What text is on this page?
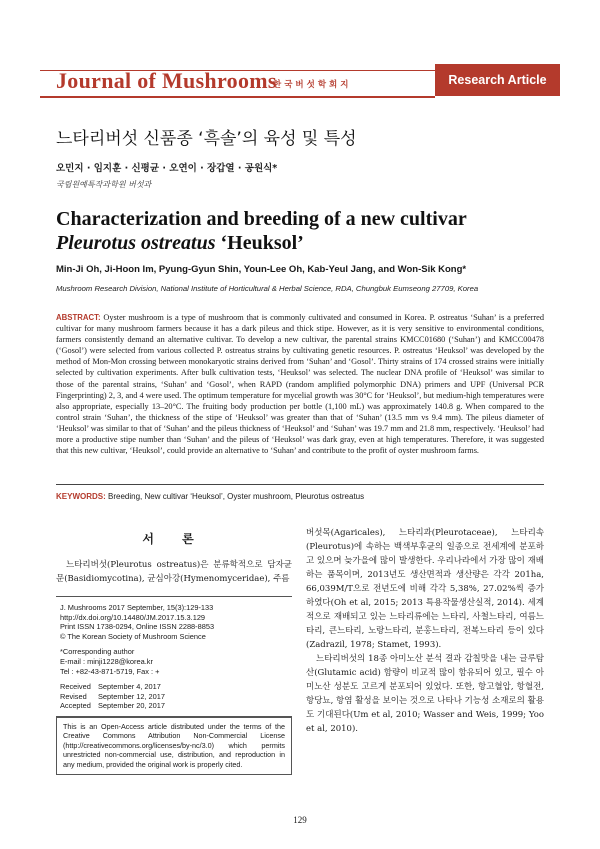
Journal of Mushrooms
한국버섯학회지	Research Article
느타리버섯 신품종 ‘흑솔’의 육성 및 특성
오민지 · 임지훈 · 신평균 · 오연이 · 장갑열 · 공원식*
국립원예특작과학원 버섯과
Characterization and breeding of a new cultivar
Pleurotus ostreatus ‘Heuksol’
Min-Ji Oh, Ji-Hoon Im, Pyung-Gyun Shin, Youn-Lee Oh, Kab-Yeul Jang, and Won-Sik Kong*
Mushroom Research Division, National Institute of Horticultural & Herbal Science, RDA, Chungbuk Eumseong 27709, Korea
ABSTRACT: Oyster mushroom is a type of mushroom that is commonly cultivated and consumed in Korea. P. ostreatus ‘Suhan’ is a preferred cultivar for many mushroom farmers because it has a dark pileus and thick stipe. However, as it is very sensitive to environmental conditions, farmers consistently demand an alternative cultivar. To develop a new cultivar, the parental strains KMCC01680 (‘Suhan’) and KMCC00478 (‘Gosol’) were selected from various collected P. ostreatus strains by cultivating genetic resources. P. ostreatus ‘Heuksol’ was developed by the method of Mon-Mon crossing between monokaryotic strains derived from ‘Suhan’ and ‘Gosol’. Thirty strains of 174 crossed strains were initially selected by cultivation experiments. After bulk cultivation tests, ‘Heuksol’ was selected. The nuclear DNA profile of ‘Heuksol’ was similar to those of the parental strains, ‘Suhan’ and ‘Gosol’, when RAPD (random amplified polymorphic DNA) primers and UPF (Universal PCR Fingerprinting) 2, 3, and 4 were used. The optimum temperature for mycelial growth was 30°C for ‘Heuksol’, but medium-high temperatures were also appropriate, especially 13–20°C. The fruiting body production per bottle (1,100 mL) was approximately 140.8 g. When compared to the control strain ‘Suhan’, the thickness of the stipe of ‘Heuksol’ was greater than that of ‘Suhan’ (13.5 mm vs 9.4 mm). The pileus diameter of ‘Heuksol’ was similar to that of ‘Suhan’ and the pileus thickness of ‘Heuksol’ and ‘Suhan’ was 19.7 mm and 21.8 mm, respectively. ‘Heuksol’ had more a productive stipe number than ‘Suhan’ and the pileus of ‘Heuksol’ was dark gray, even at high temperatures. Therefore, it was suggested that this new cultivar, ‘Heuksol’, could provide an alternative to ‘Suhan’ and contribute to the profit of oyster mushroom farms.
KEYWORDS: Breeding, New cultivar ‘Heuksol’, Oyster mushroom, Pleurotus ostreatus
서 론
느타리버섯(Pleurotus ostreatus)은 분류학적으로 담자균문(Basidiomycotina), 균심아강(Hymenomyceridae), 주름
J. Mushrooms 2017 September, 15(3):129-133
http://dx.doi.org/10.14480/JM.2017.15.3.129
Print ISSN 1738-0294, Online ISSN 2288-8853
© The Korean Society of Mushroom Science
*Corresponding author
E-mail : minji1228@korea.kr
Tel : +82-43-871-5719, Fax : +
Received September 4, 2017
Revised	September 12, 2017
Accepted September 20, 2017
This is an Open-Access article distributed under the terms of the Creative Commons Attribution Non-Commercial License (http://creativecommons.org/licenses/by-nc/3.0) which permits unrestricted non-commercial use, distribution, and reproduction in any medium, provided the original work is properly cited.

버섯목(Agaricales), 느타리과(Pleurotaceae), 느타리속(Pleurotus)에 속하는 백색부후균의 일종으로 전세계에 분포하고 있으며 늦가을에 많이 발생한다. 우리나라에서 가장 많이 재배하는 품목이며, 2013년도 생산면적과 생산량은 각각 201ha, 66,039M/T으로 전년도에 비해 각각 5,38%, 27.02%씩 증가하였다(Oh et al, 2015; 2013 특용작물생산실적, 2014). 세계적으로 재배되고 있는 느타리류에는 느타리, 사철느타리, 여름느타리, 큰느타리, 노랑느타리, 분홍느타리, 전복느타리 등이 있다(Zadrazil, 1978; Stamet, 1993).

느타리버섯의 18종 아미노산 분석 결과 감칠맛을 내는 글루탐산(Glutamic acid) 함량이 비교적 많이 함유되어 있고, 필수 아미노산 성분도 고르게 분포되어 있었다. 또한, 항고혈압, 항혈전, 항당뇨, 항염 활성을 보이는 것으로 나타나 기능성 소재로의 활용도 기대된다(Um et al, 2010; Wasser and Weis, 1999; Yoo et al, 2010).

129
